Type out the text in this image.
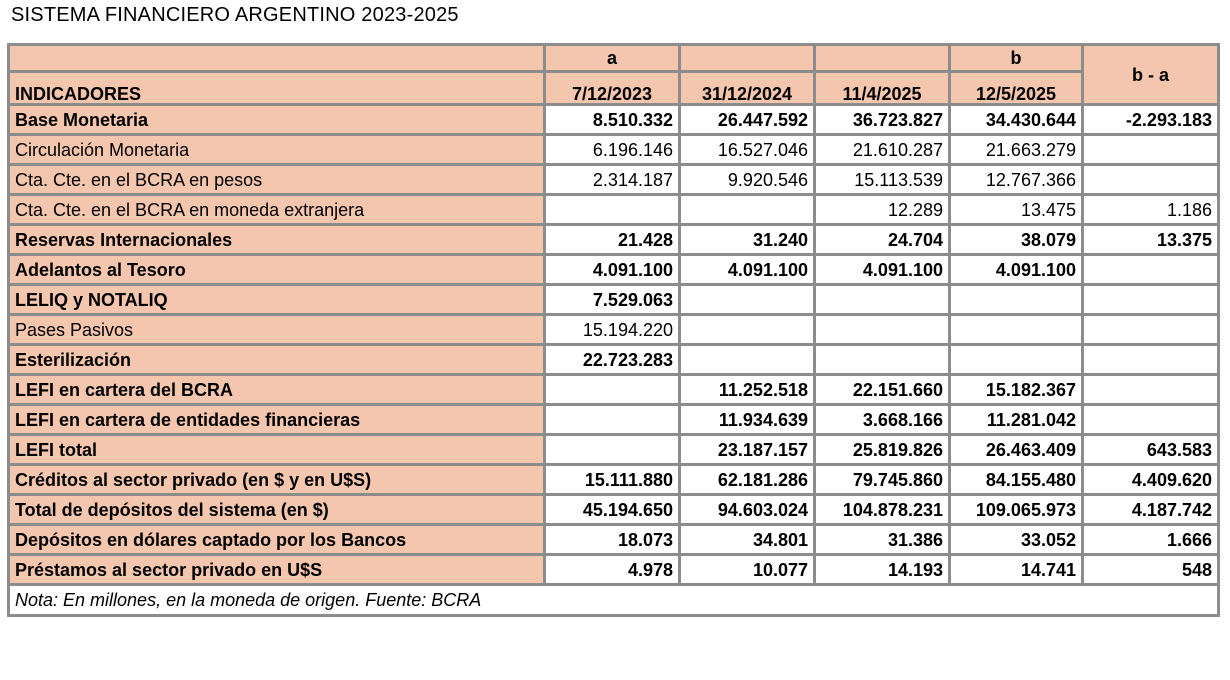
SISTEMA FINANCIERO ARGENTINO 2023-2025
	a			b	b - a
INDICADORES	7/12/2023	31/12/2024	11/4/2025	12/5/2025	
Base Monetaria	8.510.332	26.447.592	36.723.827	34.430.644	-2.293.183
Circulación Monetaria	6.196.146	16.527.046	21.610.287	21.663.279	
Cta. Cte. en el BCRA en pesos	2.314.187	9.920.546	15.113.539	12.767.366	
Cta. Cte. en el BCRA en moneda extranjera			12.289	13.475	1.186
Reservas Internacionales	21.428	31.240	24.704	38.079	13.375
Adelantos al Tesoro	4.091.100	4.091.100	4.091.100	4.091.100	
LELIQ y NOTALIQ	7.529.063				
Pases Pasivos	15.194.220				
Esterilización	22.723.283				
LEFI en cartera del BCRA		11.252.518	22.151.660	15.182.367	
LEFI en cartera de entidades financieras		11.934.639	3.668.166	11.281.042	
LEFI total		23.187.157	25.819.826	26.463.409	643.583
Créditos al sector privado (en $ y en U$S)	15.111.880	62.181.286	79.745.860	84.155.480	4.409.620
Total de depósitos del sistema (en $)	45.194.650	94.603.024	104.878.231	109.065.973	4.187.742
Depósitos en dólares captado por los Bancos	18.073	34.801	31.386	33.052	1.666
Préstamos al sector privado en U$S	4.978	10.077	14.193	14.741	548
Nota: En millones, en la moneda de origen. Fuente: BCRA					
